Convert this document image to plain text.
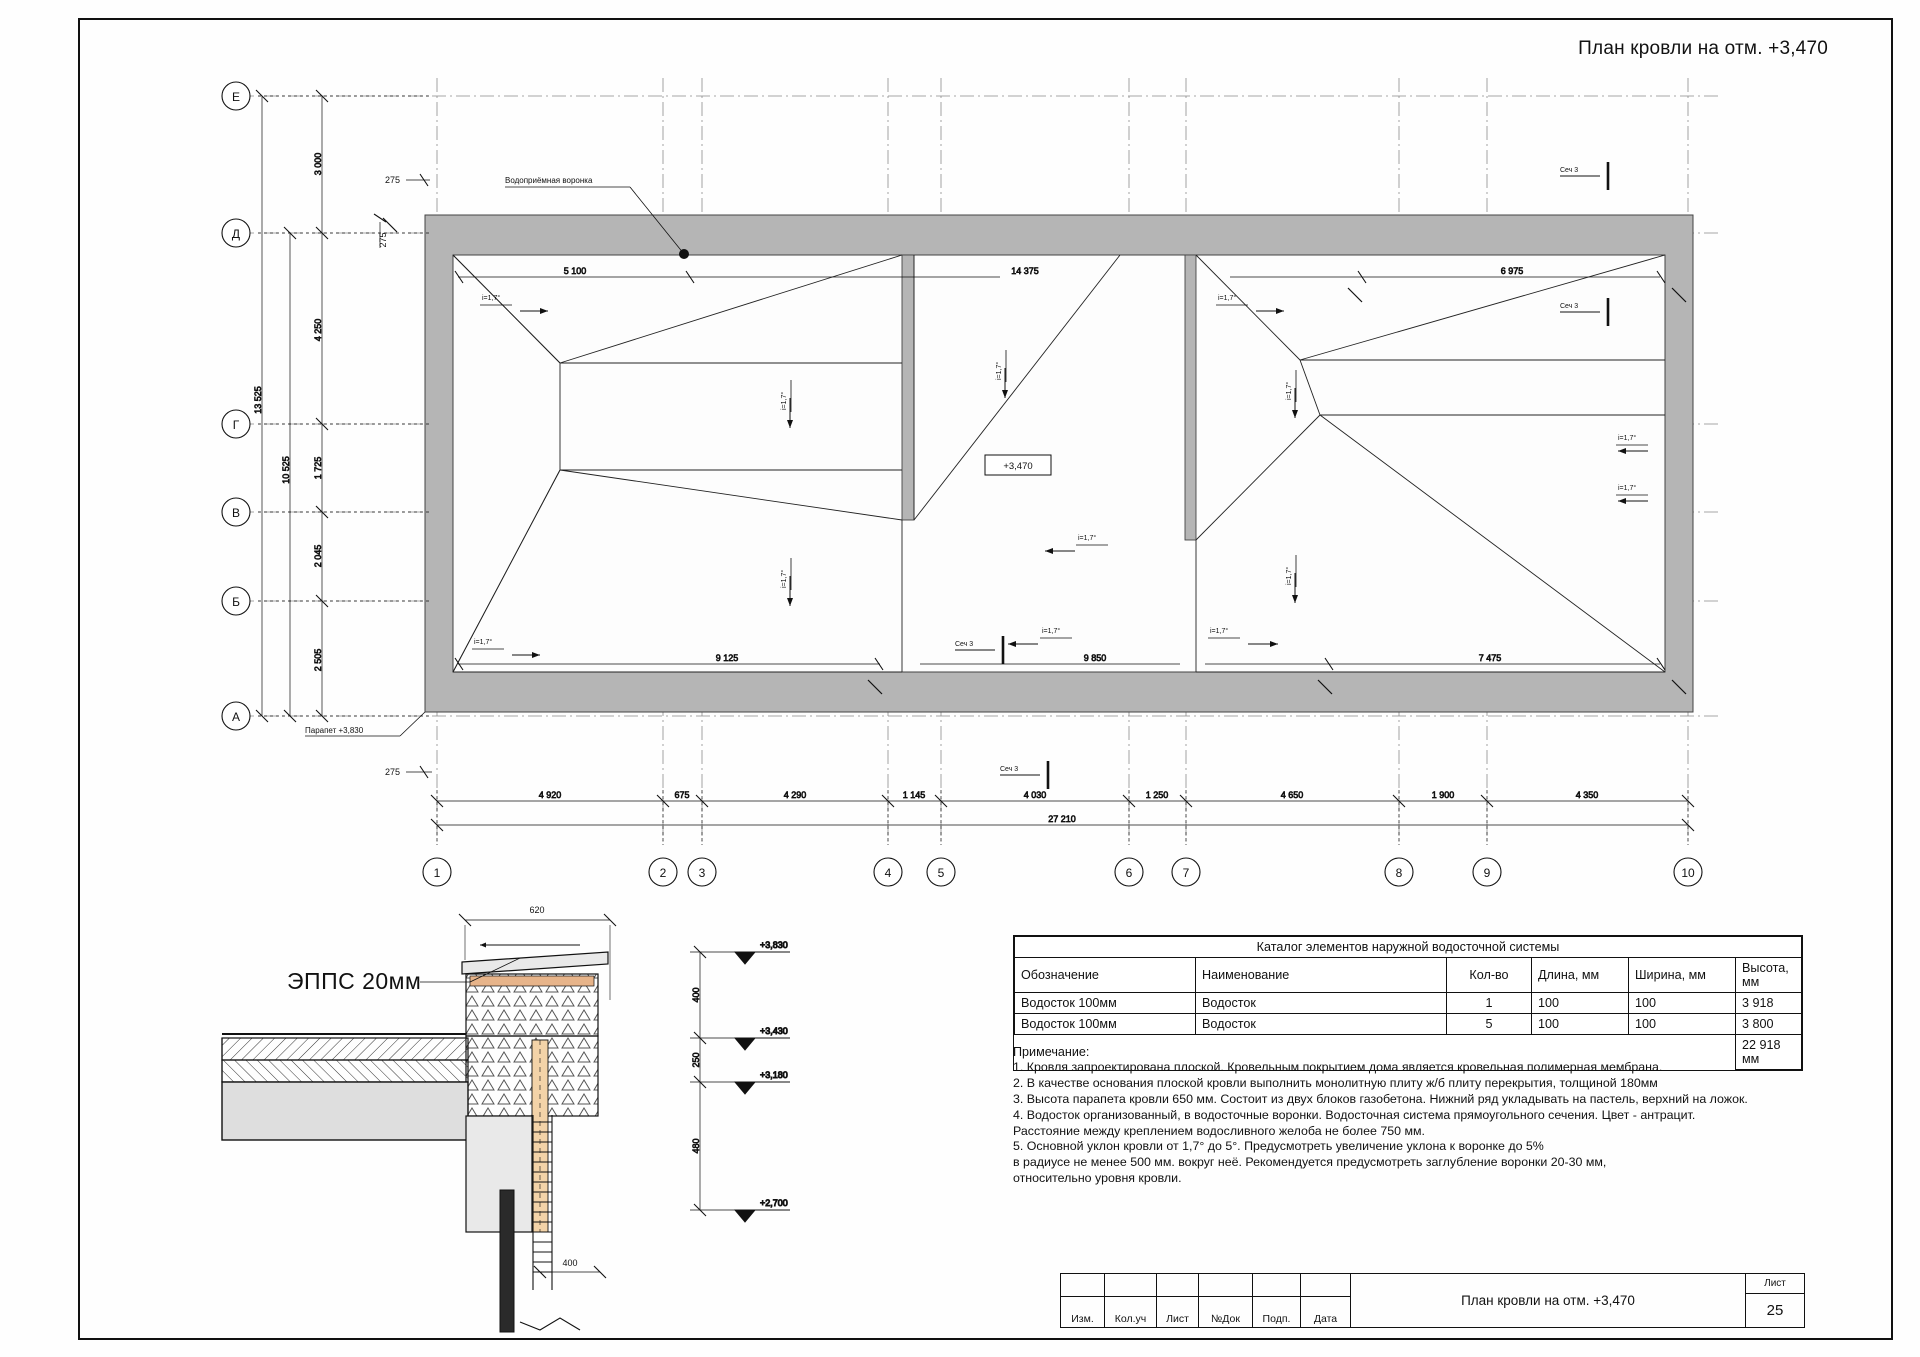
План кровли на отм. +3,470
ЭППС 20мм
Е
Д
Г
В
Б
А
1	2	3	4	5	6	7	8	9	10
+3,470
Водоприёмная воронка
i=1,7°
i=1,7°
i=1,7°
i=1,7°
i=1,7°
i=1,7°
i=1,7°
i=1,7°
i=1,7°
i=1,7°
i=1,7°	i=1,7°
i=1,7°
5 100	14 375	6 975
9 125	9 850	7 475
275
275
275
Парапет +3,830
Сеч 3
Сеч 3
Сеч 3
Сеч 3
3 000
4 250
1 725
2 045
2 505
10 525
13 525
4 920	675	4 290	1 145	4 030	1 250	4 650	1 900	4 350
27 210
620
400
400
250
480
+3,830
+3,430
+3,180
+2,700
Каталог элементов наружной водосточной системы					
Обозначение	Наименование	Кол-во	Длина, мм	Ширина, мм	Высота, мм
Водосток 100мм	Водосток	1	100	100	3 918
Водосток 100мм	Водосток	5	100	100	3 800
					22 918 мм
Примечание:
1. Кровля запроектирована плоской. Кровельным покрытием дома является кровельная полимерная мембрана.
2. В качестве основания плоской кровли выполнить монолитную плиту ж/б плиту перекрытия, толщиной 180мм
3. Высота парапета кровли 650 мм. Состоит из двух блоков газобетона. Нижний ряд укладывать на пастель, верхний на ложок.
4. Водосток организованный, в водосточные воронки. Водосточная система прямоугольного сечения. Цвет - антрацит.
Расстояние между креплением водосливного желоба не более 750 мм.
5. Основной уклон кровли от 1,7° до 5°. Предусмотреть увеличение уклона к воронке до 5%
в радиусе не менее 500 мм. вокруг неё. Рекомендуется предусмотреть заглубление воронки 20-30 мм,
относительно уровня кровли.
Изм.	Кол.уч	Лист	№Док	Подп.	Дата
План кровли на отм. +3,470
Лист
25
